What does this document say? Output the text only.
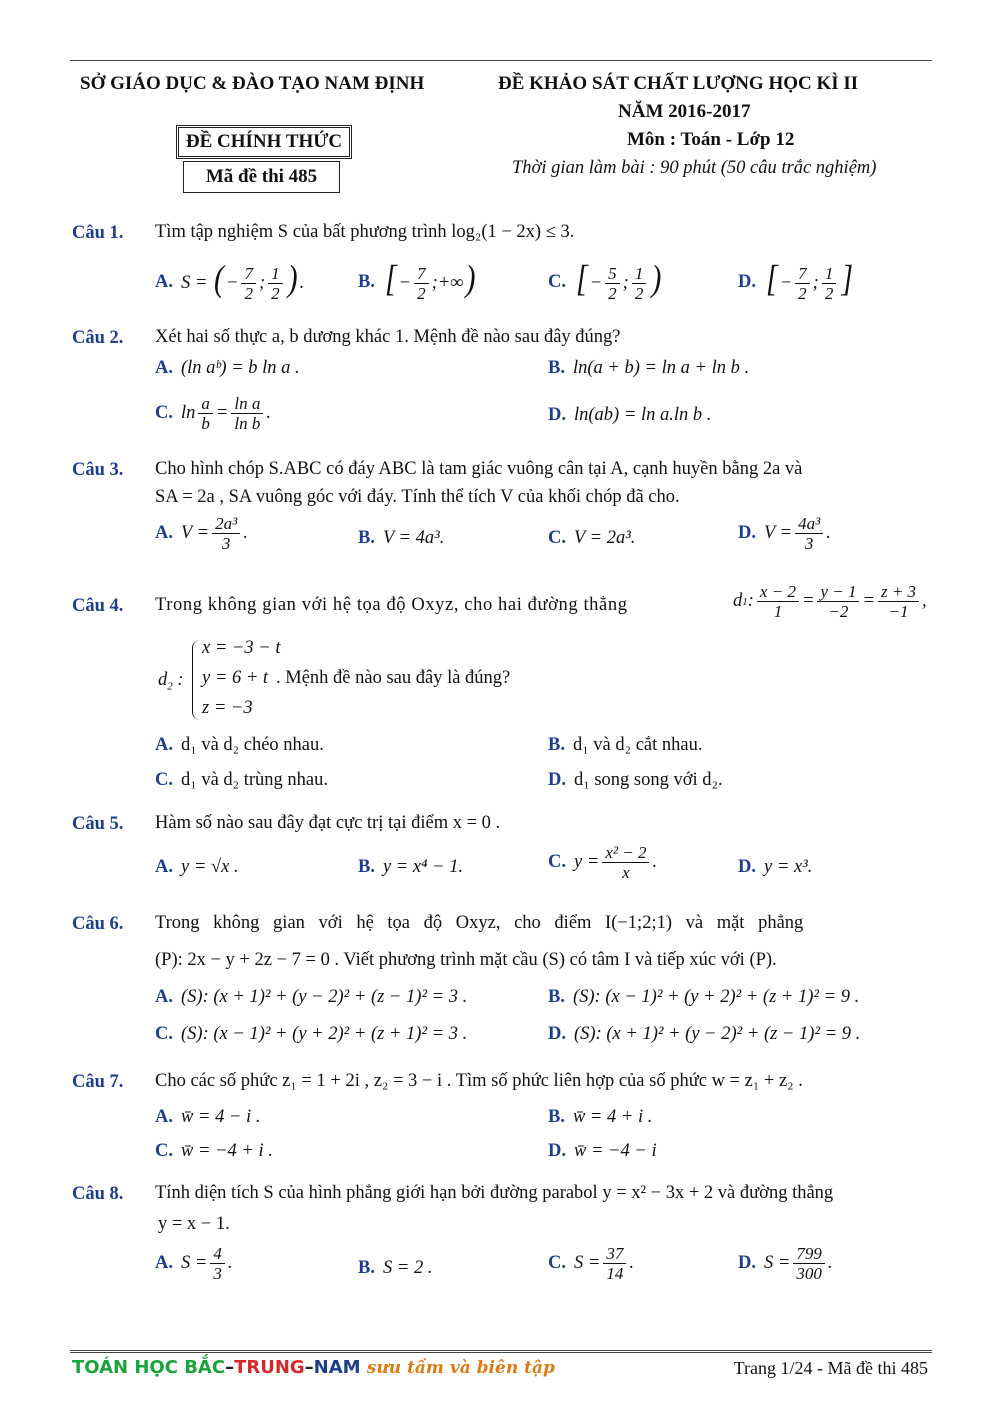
SỞ GIÁO DỤC & ĐÀO TẠO NAM ĐỊNH	ĐỀ KHẢO SÁT CHẤT LƯỢNG HỌC KÌ II
NĂM 2016-2017
ĐỀ CHÍNH THỨC	Môn : Toán - Lớp 12
Mã đề thi 485	Thời gian làm bài : 90 phút (50 câu trắc nghiệm)
Câu 1. Tìm tập nghiệm S của bất phương trình log₂(1 − 2x) ≤ 3.
A. S = ( − $\frac{7}{2}$ ; $\frac{1}{2}$ ) .	B. [ − $\frac{7}{2}$ ;+∞)	C. [ − $\frac{5}{2}$ ; $\frac{1}{2}$ )	D. [ − $\frac{7}{2}$ ; $\frac{1}{2}$ ]
Câu 2. Xét hai số thực a, b dương khác 1. Mệnh đề nào sau đây đúng?
A. (ln aᵇ) = b ln a .	B. ln(a + b) = ln a + ln b .
C. $\ln \frac{a}{b} = \frac{\text{ln a}}{\text{ln b}}$ .	D. ln(ab) = ln a.ln b .
Câu 3. Cho hình chóp S.ABC có đáy ABC là tam giác vuông cân tại A, cạnh huyền bằng 2a và
SA = 2a , SA vuông góc với đáy. Tính thể tích V của khối chóp đã cho.
A. $V = \frac{\text{2a³}}{3}$ .	B. V = 4a³.	C. V = 2a³.	D. $V = \frac{\text{4a³}}{3}$ .
Câu 4. Trong không gian với hệ tọa độ Oxyz, cho hai đường thẳng	d 1 : $\frac{x - 2}{1} = \frac{y - 1}{-2} = \frac{z + 3}{-1}$ ,
$d_2$ :
x = −3 − t
y = 6 + t
z = −3
. Mệnh đề nào sau đây là đúng?
A. d₁ và d₂ chéo nhau.	B. d₁ và d₂ cắt nhau.
C. d₁ và d₂ trùng nhau.	D. d₁ song song với d₂.
Câu 5. Hàm số nào sau đây đạt cực trị tại điểm x = 0 .
A. y = √x .	B. y = x⁴ − 1.	C. $y = \frac{\text{x² − 2}}{x}$ .	D. y = x³.
Câu 6. Trong không gian với hệ tọa độ Oxyz, cho điểm I(−1;2;1) và mặt phẳng
(P): 2x − y + 2z − 7 = 0 . Viết phương trình mặt cầu (S) có tâm I và tiếp xúc với (P).
A. (S): (x + 1)² + (y − 2)² + (z − 1)² = 3 .	B. (S): (x − 1)² + (y + 2)² + (z + 1)² = 9 .
C. (S): (x − 1)² + (y + 2)² + (z + 1)² = 3 .	D. (S): (x + 1)² + (y − 2)² + (z − 1)² = 9 .
Câu 7. Cho các số phức z₁ = 1 + 2i , z₂ = 3 − i . Tìm số phức liên hợp của số phức w = z₁ + z₂ .
A. w̄ = 4 − i .	B. w̄ = 4 + i .
C. w̄ = −4 + i .	D. w̄ = −4 − i
Câu 8. Tính diện tích S của hình phẳng giới hạn bởi đường parabol y = x² − 3x + 2 và đường thẳng
y = x − 1.
A. $S = \frac{4}{3}$ .	B. S = 2 .	C. $S = \frac{37}{14}$ .	D. $S = \frac{799}{300}$ .
TOÁN HỌC BẮC–TRUNG–NAM sưu tầm và biên tập	Trang 1/24 - Mã đề thi 485
